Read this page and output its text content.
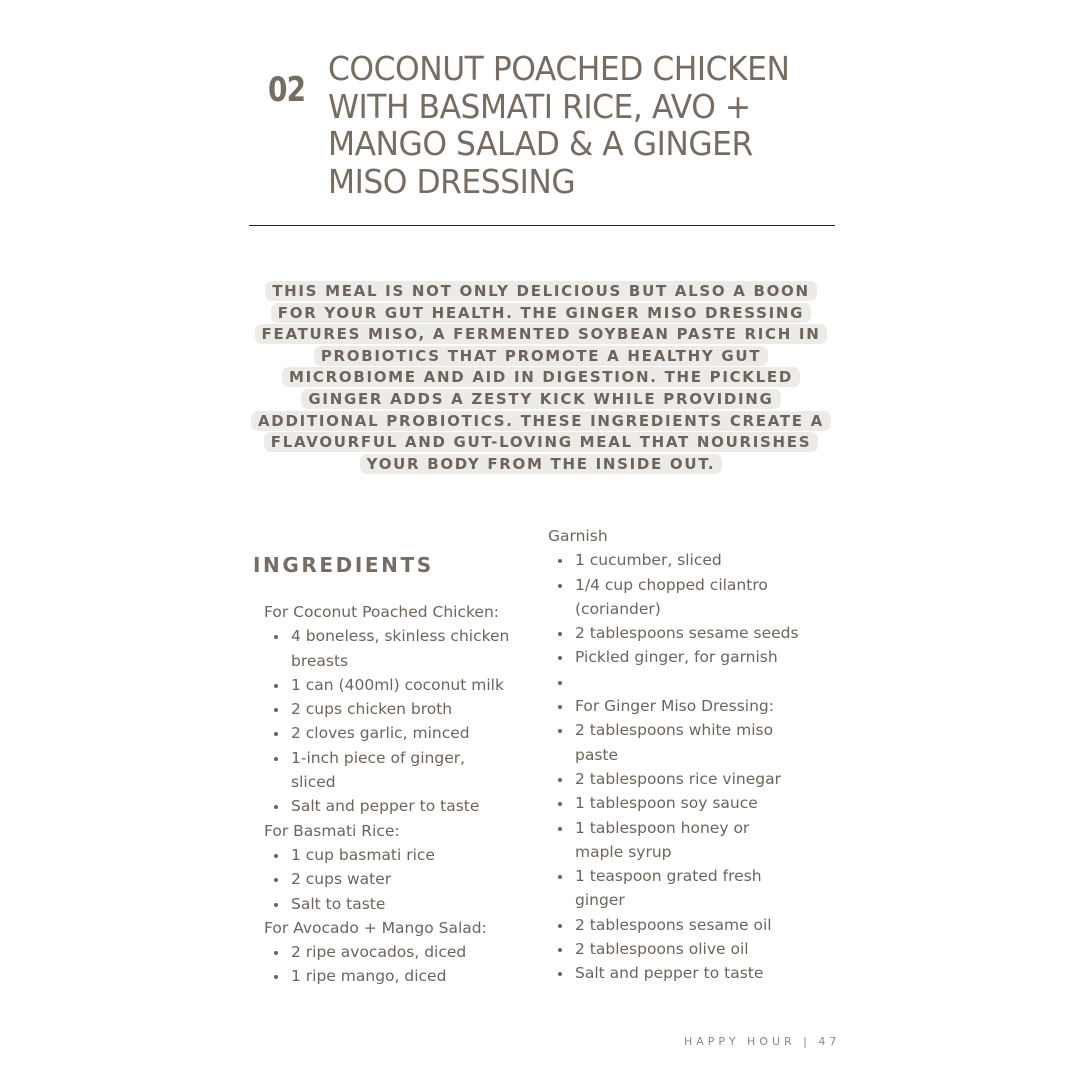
02
COCONUT POACHED CHICKEN
WITH BASMATI RICE, AVO +
MANGO SALAD & A GINGER
MISO DRESSING
THIS MEAL IS NOT ONLY DELICIOUS BUT ALSO A BOON
FOR YOUR GUT HEALTH. THE GINGER MISO DRESSING
FEATURES MISO, A FERMENTED SOYBEAN PASTE RICH IN
PROBIOTICS THAT PROMOTE A HEALTHY GUT
MICROBIOME AND AID IN DIGESTION. THE PICKLED
GINGER ADDS A ZESTY KICK WHILE PROVIDING
ADDITIONAL PROBIOTICS. THESE INGREDIENTS CREATE A
FLAVOURFUL AND GUT-LOVING MEAL THAT NOURISHES
YOUR BODY FROM THE INSIDE OUT.
INGREDIENTS
For Coconut Poached Chicken:
4 boneless, skinless chicken
breasts
1 can (400ml) coconut milk
2 cups chicken broth
2 cloves garlic, minced
1-inch piece of ginger,
sliced
Salt and pepper to taste
For Basmati Rice:
1 cup basmati rice
2 cups water
Salt to taste
For Avocado + Mango Salad:
2 ripe avocados, diced
1 ripe mango, diced
Garnish
1 cucumber, sliced
1/4 cup chopped cilantro
(coriander)
2 tablespoons sesame seeds
Pickled ginger, for garnish
For Ginger Miso Dressing:
2 tablespoons white miso
paste
2 tablespoons rice vinegar
1 tablespoon soy sauce
1 tablespoon honey or
maple syrup
1 teaspoon grated fresh
ginger
2 tablespoons sesame oil
2 tablespoons olive oil
Salt and pepper to taste
HAPPY HOUR | 47
